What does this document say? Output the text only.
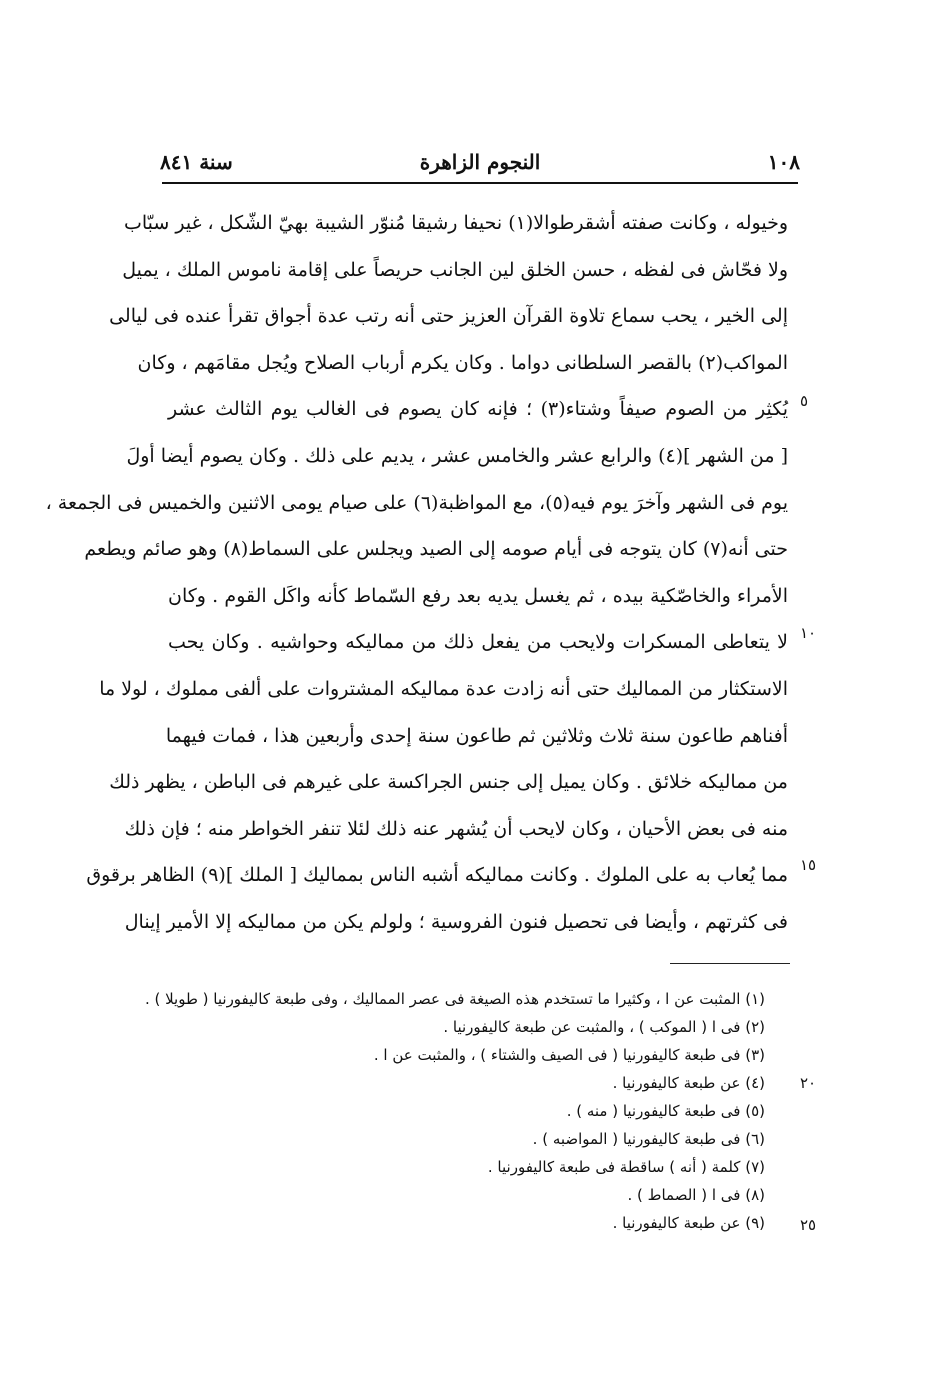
١٠٨
النجوم الزاهرة
سنة ٨٤١
وخيوله ، وكانت صفته أشقرطوالا(١) نحيفا رشيقا مُنوّر الشيبة بهيّ الشّكل ، غير سبّاب
ولا فحّاش فى لفظه ، حسن الخلق لين الجانب حريصاً على إقامة ناموس الملك ، يميل
إلى الخير ، يحب سماع تلاوة القرآن العزيز حتى أنه رتب عدة أجواق تقرأ عنده فى ليالى
المواكب(٢) بالقصر السلطانى دواما . وكان يكرم أرباب الصلاح ويُجل مقامَهم ، وكان
يُكثِر من الصوم صيفاً وشتاء(٣) ؛ فإنه كان يصوم فى الغالب يوم الثالث عشر
[ من الشهر ](٤) والرابع عشر والخامس عشر ، يديم على ذلك . وكان يصوم أيضا أولَ
يوم فى الشهر وآخرَ يوم فيه(٥)، مع المواظبة(٦) على صيام يومى الاثنين والخميس فى الجمعة ،
حتى أنه(٧) كان يتوجه فى أيام صومه إلى الصيد ويجلس على السماط(٨) وهو صائم ويطعم
الأمراء والخاصّكية بيده ، ثم يغسل يديه بعد رفع السّماط كأنه واكَل القوم . وكان
لا يتعاطى المسكرات ولايحب من يفعل ذلك من مماليكه وحواشيه . وكان يحب
الاستكثار من المماليك حتى أنه زادت عدة مماليكه المشتروات على ألفى مملوك ، لولا ما
أفناهم طاعون سنة ثلاث وثلاثين ثم طاعون سنة إحدى وأربعين هذا ، فمات فيهما
من مماليكه خلائق . وكان يميل إلى جنس الجراكسة على غيرهم فى الباطن ، يظهر ذلك
منه فى بعض الأحيان ، وكان لايحب أن يُشهر عنه ذلك لئلا تنفر الخواطر منه ؛ فإن ذلك
مما يُعاب به على الملوك . وكانت مماليكه أشبه الناس بمماليك [ الملك ](٩) الظاهر برقوق
فى كثرتهم ، وأيضا فى تحصيل فنون الفروسية ؛ ولولم يكن من مماليكه إلا الأمير إينال
٥
١٠
١٥
(١) المثبت عن ا ، وكثيرا ما تستخدم هذه الصيغة فى عصر المماليك ، وفى طبعة كاليفورنيا ( طويلا ) .
(٢) فى ا ( الموكب ) ، والمثبت عن طبعة كاليفورنيا .
(٣) فى طبعة كاليفورنيا ( فى الصيف والشتاء ) ، والمثبت عن ا .
(٤) عن طبعة كاليفورنيا .
(٥) فى طبعة كاليفورنيا ( منه ) .
(٦) فى طبعة كاليفورنيا ( المواضبه ) .
(٧) كلمة ( أنه ) ساقطة فى طبعة كاليفورنيا .
(٨) فى ا ( الصماط ) .
(٩) عن طبعة كاليفورنيا .
٢٠
٢٥
